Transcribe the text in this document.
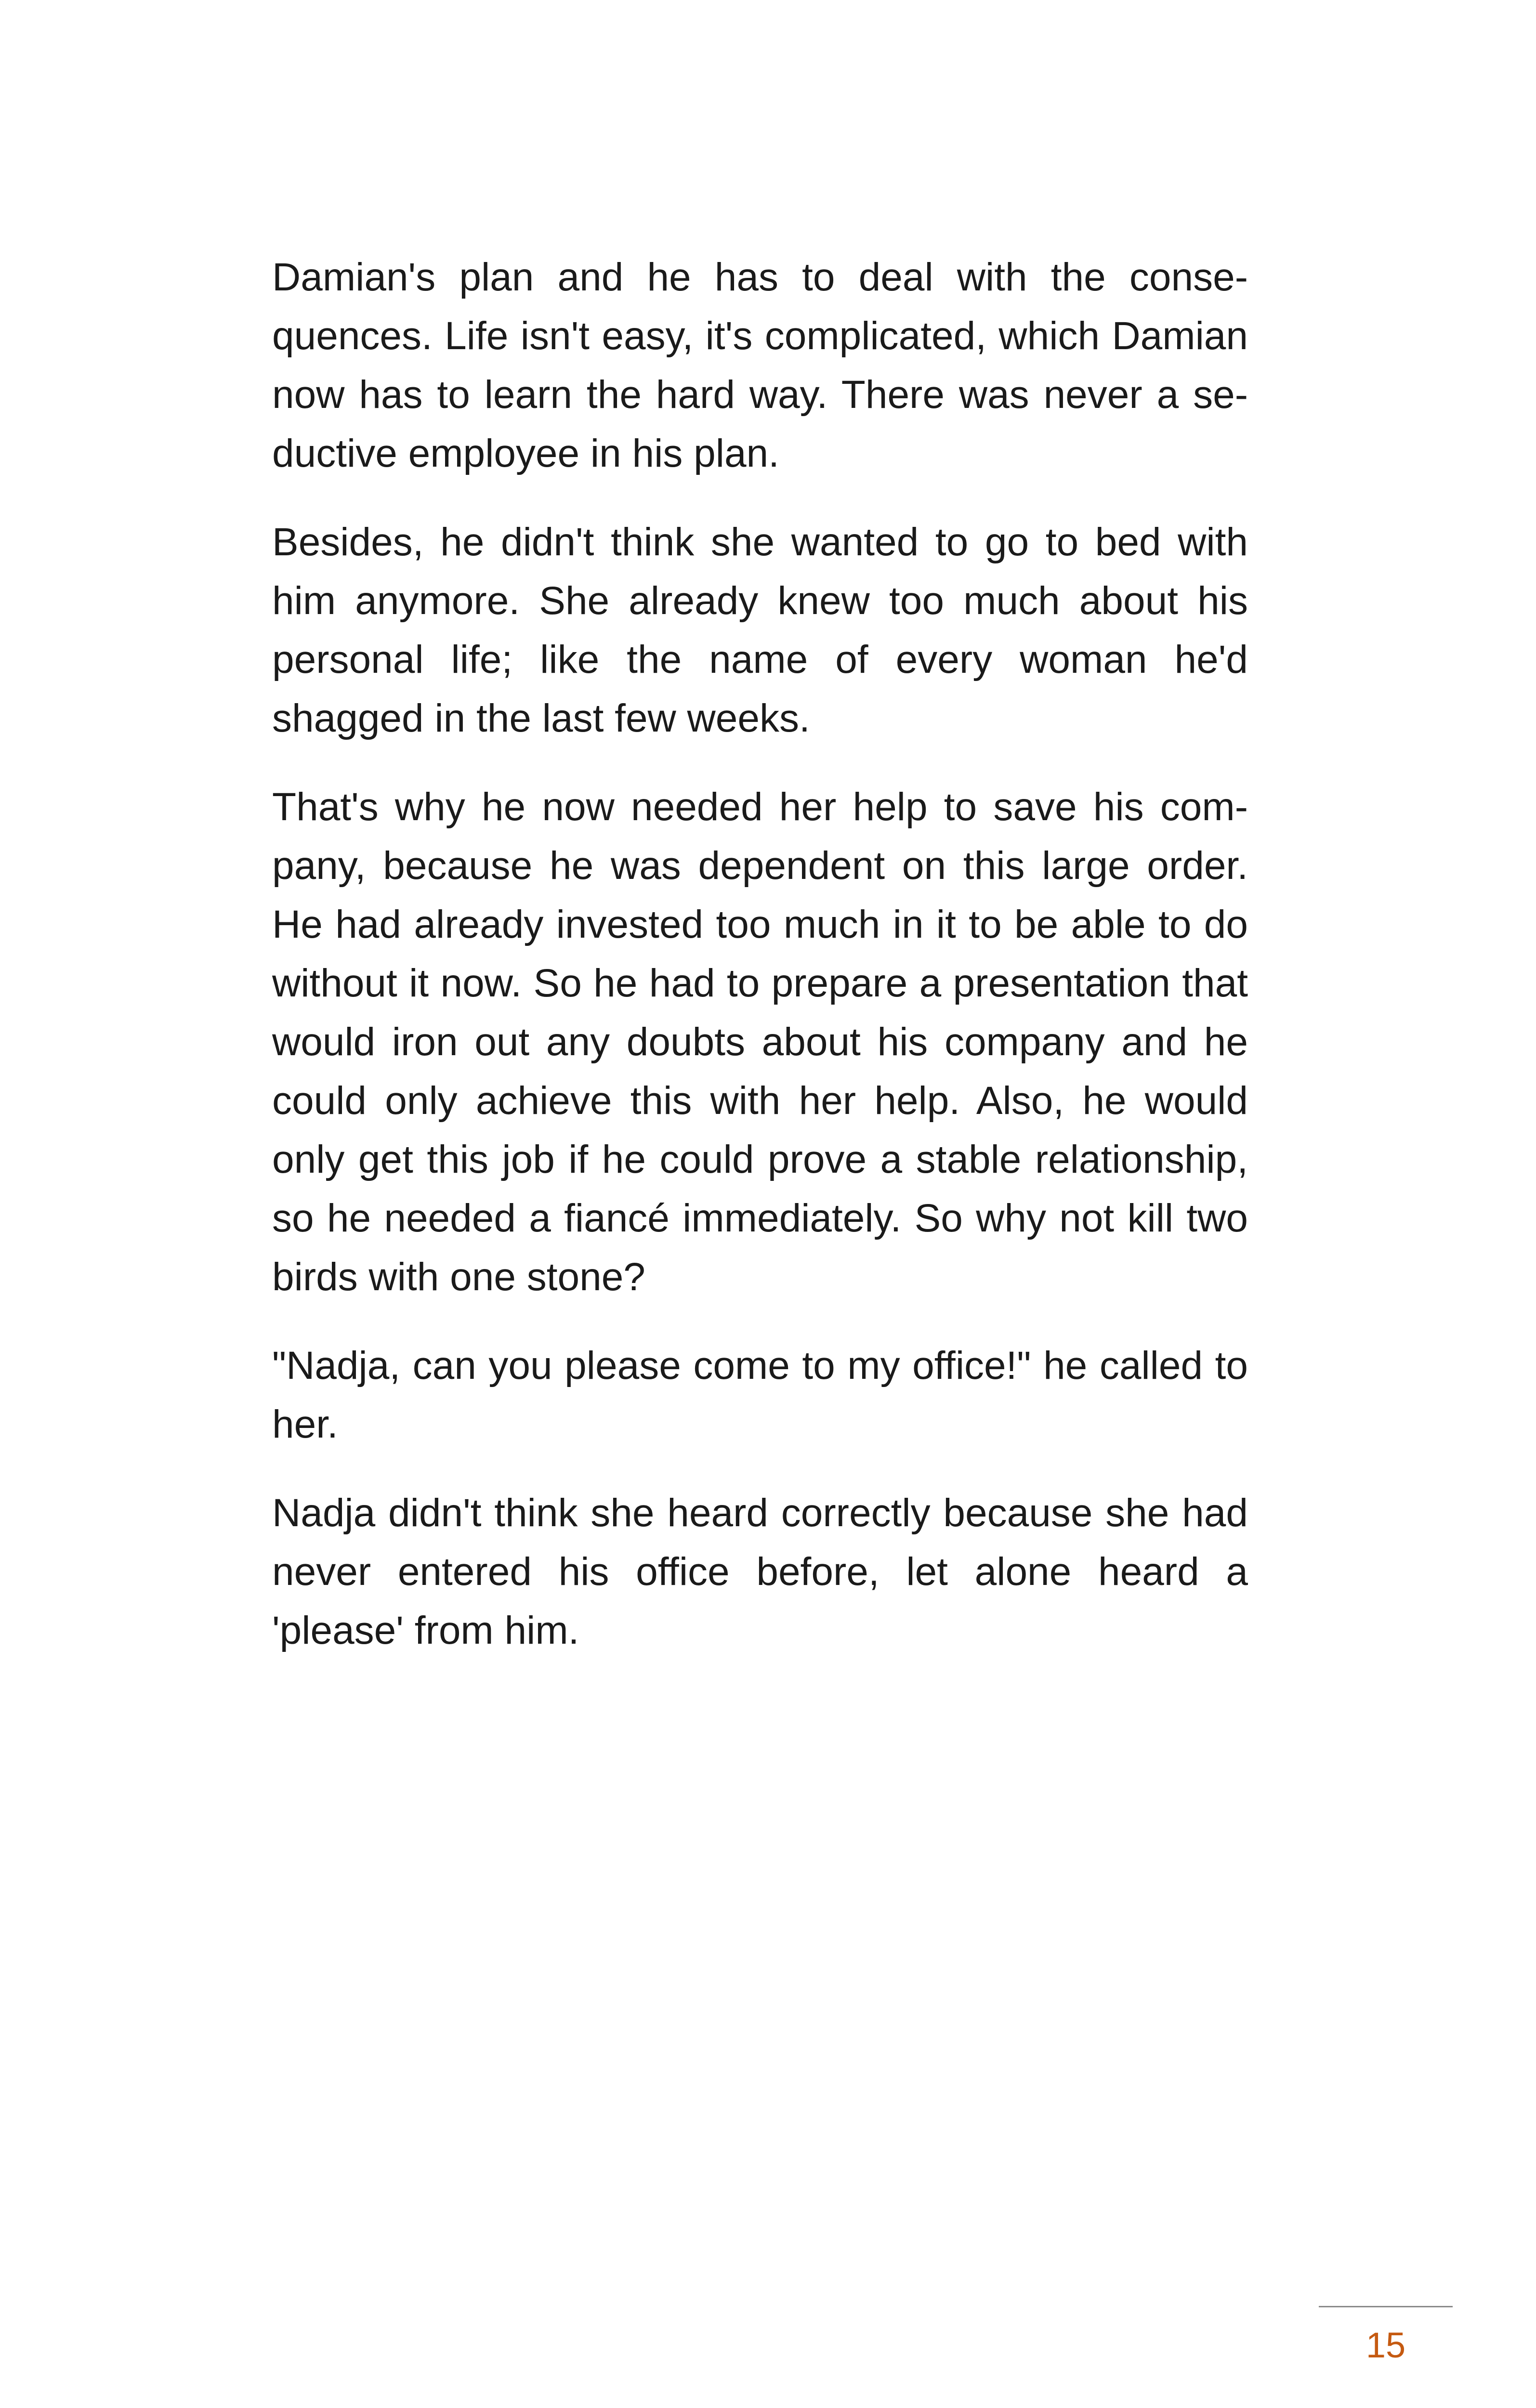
Damian's plan and he has to deal with the consequences. Life isn't easy, it's complicated, which Damian now has to learn the hard way. There was never a seductive employee in his plan.

Besides, he didn't think she wanted to go to bed with him anymore. She already knew too much about his personal life; like the name of every woman he'd shagged in the last few weeks.

That's why he now needed her help to save his company, because he was dependent on this large order. He had already invested too much in it to be able to do without it now. So he had to prepare a presentation that would iron out any doubts about his company and he could only achieve this with her help. Also, he would only get this job if he could prove a stable relationship, so he needed a fiancé immediately. So why not kill two birds with one stone?

"Nadja, can you please come to my office!" he called to her.

Nadja didn't think she heard correctly because she had never entered his office before, let alone heard a 'please' from him.

15
